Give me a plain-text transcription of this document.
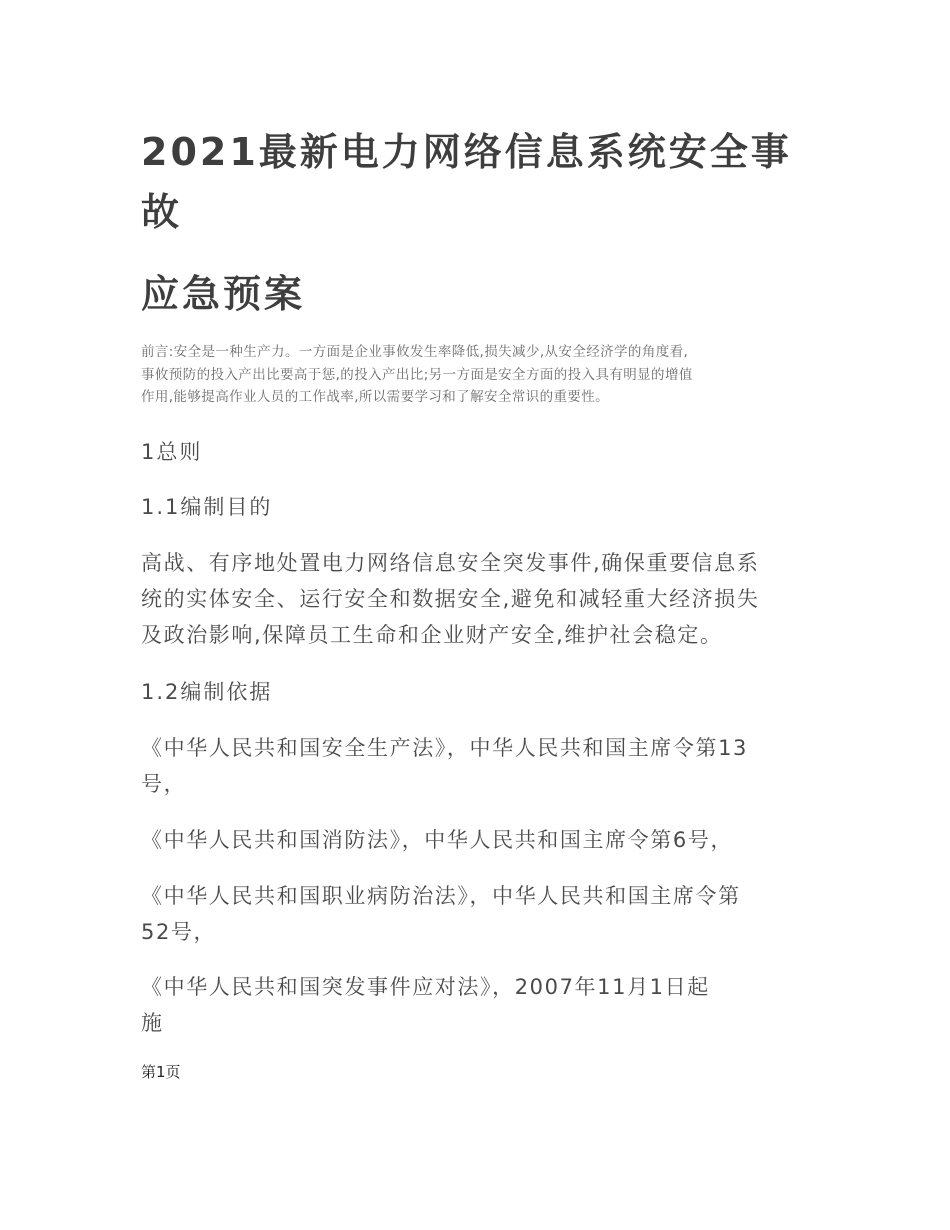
2021最新电力网络信息系统安全事
故
应急预案
前言:安全是一种生产力。一方面是企业事攸发生率降低,损失减少,从安全经济学的角度看,
事攸预防的投入产出比要高于惩,的投入产出比;另一方面是安全方面的投入具有明显的增值
作用,能够提高作业人员的工作战率,所以需要学习和了解安全常识的重要性。
1总则
1.1编制目的
高战、有序地处置电力网络信息安全突发事件,确保重要信息系
统的实体安全、运行安全和数据安全,避免和减轻重大经济损失
及政治影响,保障员工生命和企业财产安全,维护社会稳定。
1.2编制依据
《中华人民共和国安全生产法》，中华人民共和国主席令第13
号，
《中华人民共和国消防法》，中华人民共和国主席令第6号，
《中华人民共和国职业病防治法》，中华人民共和国主席令第
52号，
《中华人民共和国突发事件应对法》，2007年11月1日起
施
第1页
